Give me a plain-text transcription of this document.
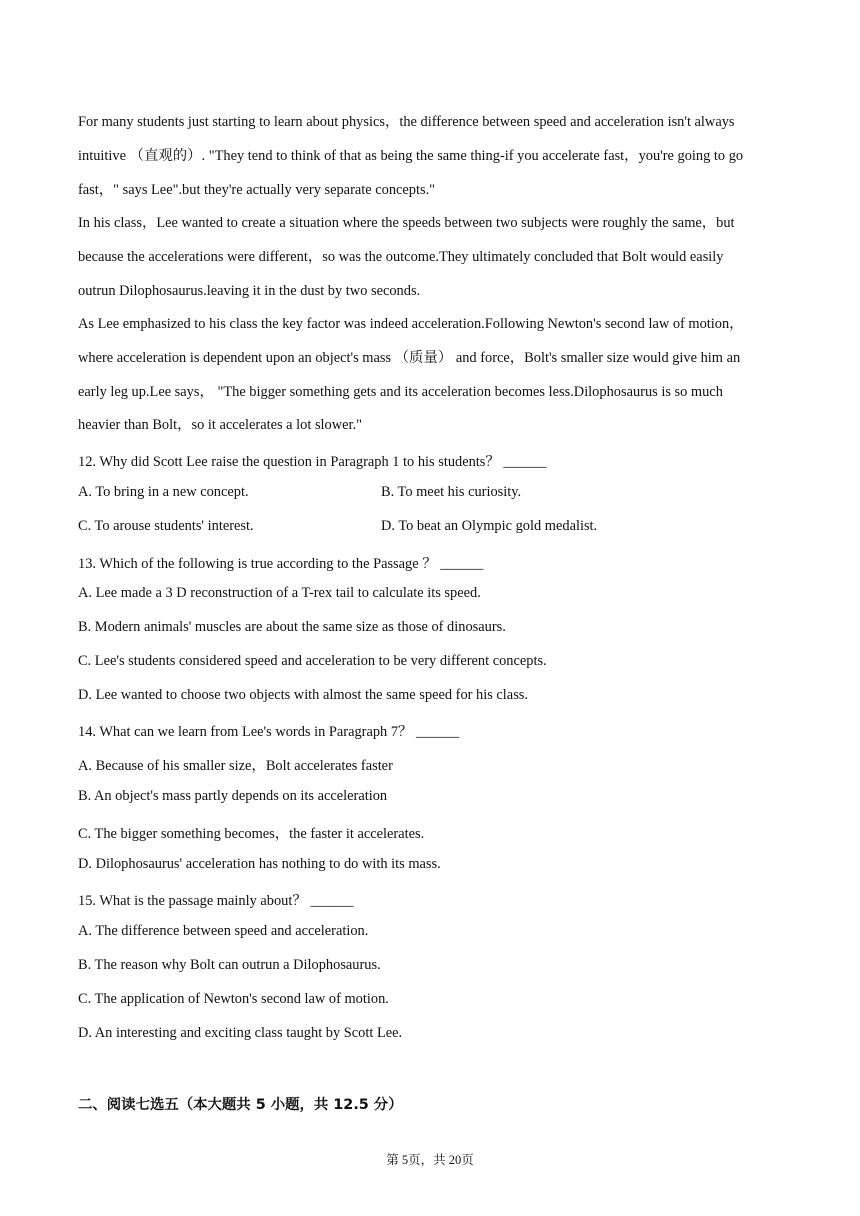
For many students just starting to learn about physics，the difference between speed and acceleration isn't always
intuitive （直观的）. "They tend to think of that as being the same thing-if you accelerate fast，you're going to go
fast，" says Lee".but they're actually very separate concepts."
In his class，Lee wanted to create a situation where the speeds between two subjects were roughly the same，but
because the accelerations were different，so was the outcome.They ultimately concluded that Bolt would easily
outrun Dilophosaurus.leaving it in the dust by two seconds.
As Lee emphasized to his class the key factor was indeed acceleration.Following Newton's second law of motion，
where acceleration is dependent upon an object's mass （质量） and force，Bolt's smaller size would give him an
early leg up.Lee says， "The bigger something gets and its acceleration becomes less.Dilophosaurus is so much
heavier than Bolt，so it accelerates a lot slower."
12. Why did Scott Lee raise the question in Paragraph 1 to his students？ ______
A. To bring in a new concept.	B. To meet his curiosity.
C. To arouse students' interest.	D. To beat an Olympic gold medalist.
13. Which of the following is true according to the Passage ？ ______
A. Lee made a 3 D reconstruction of a T-rex tail to calculate its speed.
B. Modern animals' muscles are about the same size as those of dinosaurs.
C. Lee's students considered speed and acceleration to be very different concepts.
D. Lee wanted to choose two objects with almost the same speed for his class.
14. What can we learn from Lee's words in Paragraph 7？ ______
A. Because of his smaller size，Bolt accelerates faster
B. An object's mass partly depends on its acceleration
C. The bigger something becomes，the faster it accelerates.
D. Dilophosaurus' acceleration has nothing to do with its mass.
15. What is the passage mainly about？ ______
A. The difference between speed and acceleration.
B. The reason why Bolt can outrun a Dilophosaurus.
C. The application of Newton's second law of motion.
D. An interesting and exciting class taught by Scott Lee.
二、阅读七选五（本大题共 5 小题，共 12.5 分）
第 5页，共 20页
